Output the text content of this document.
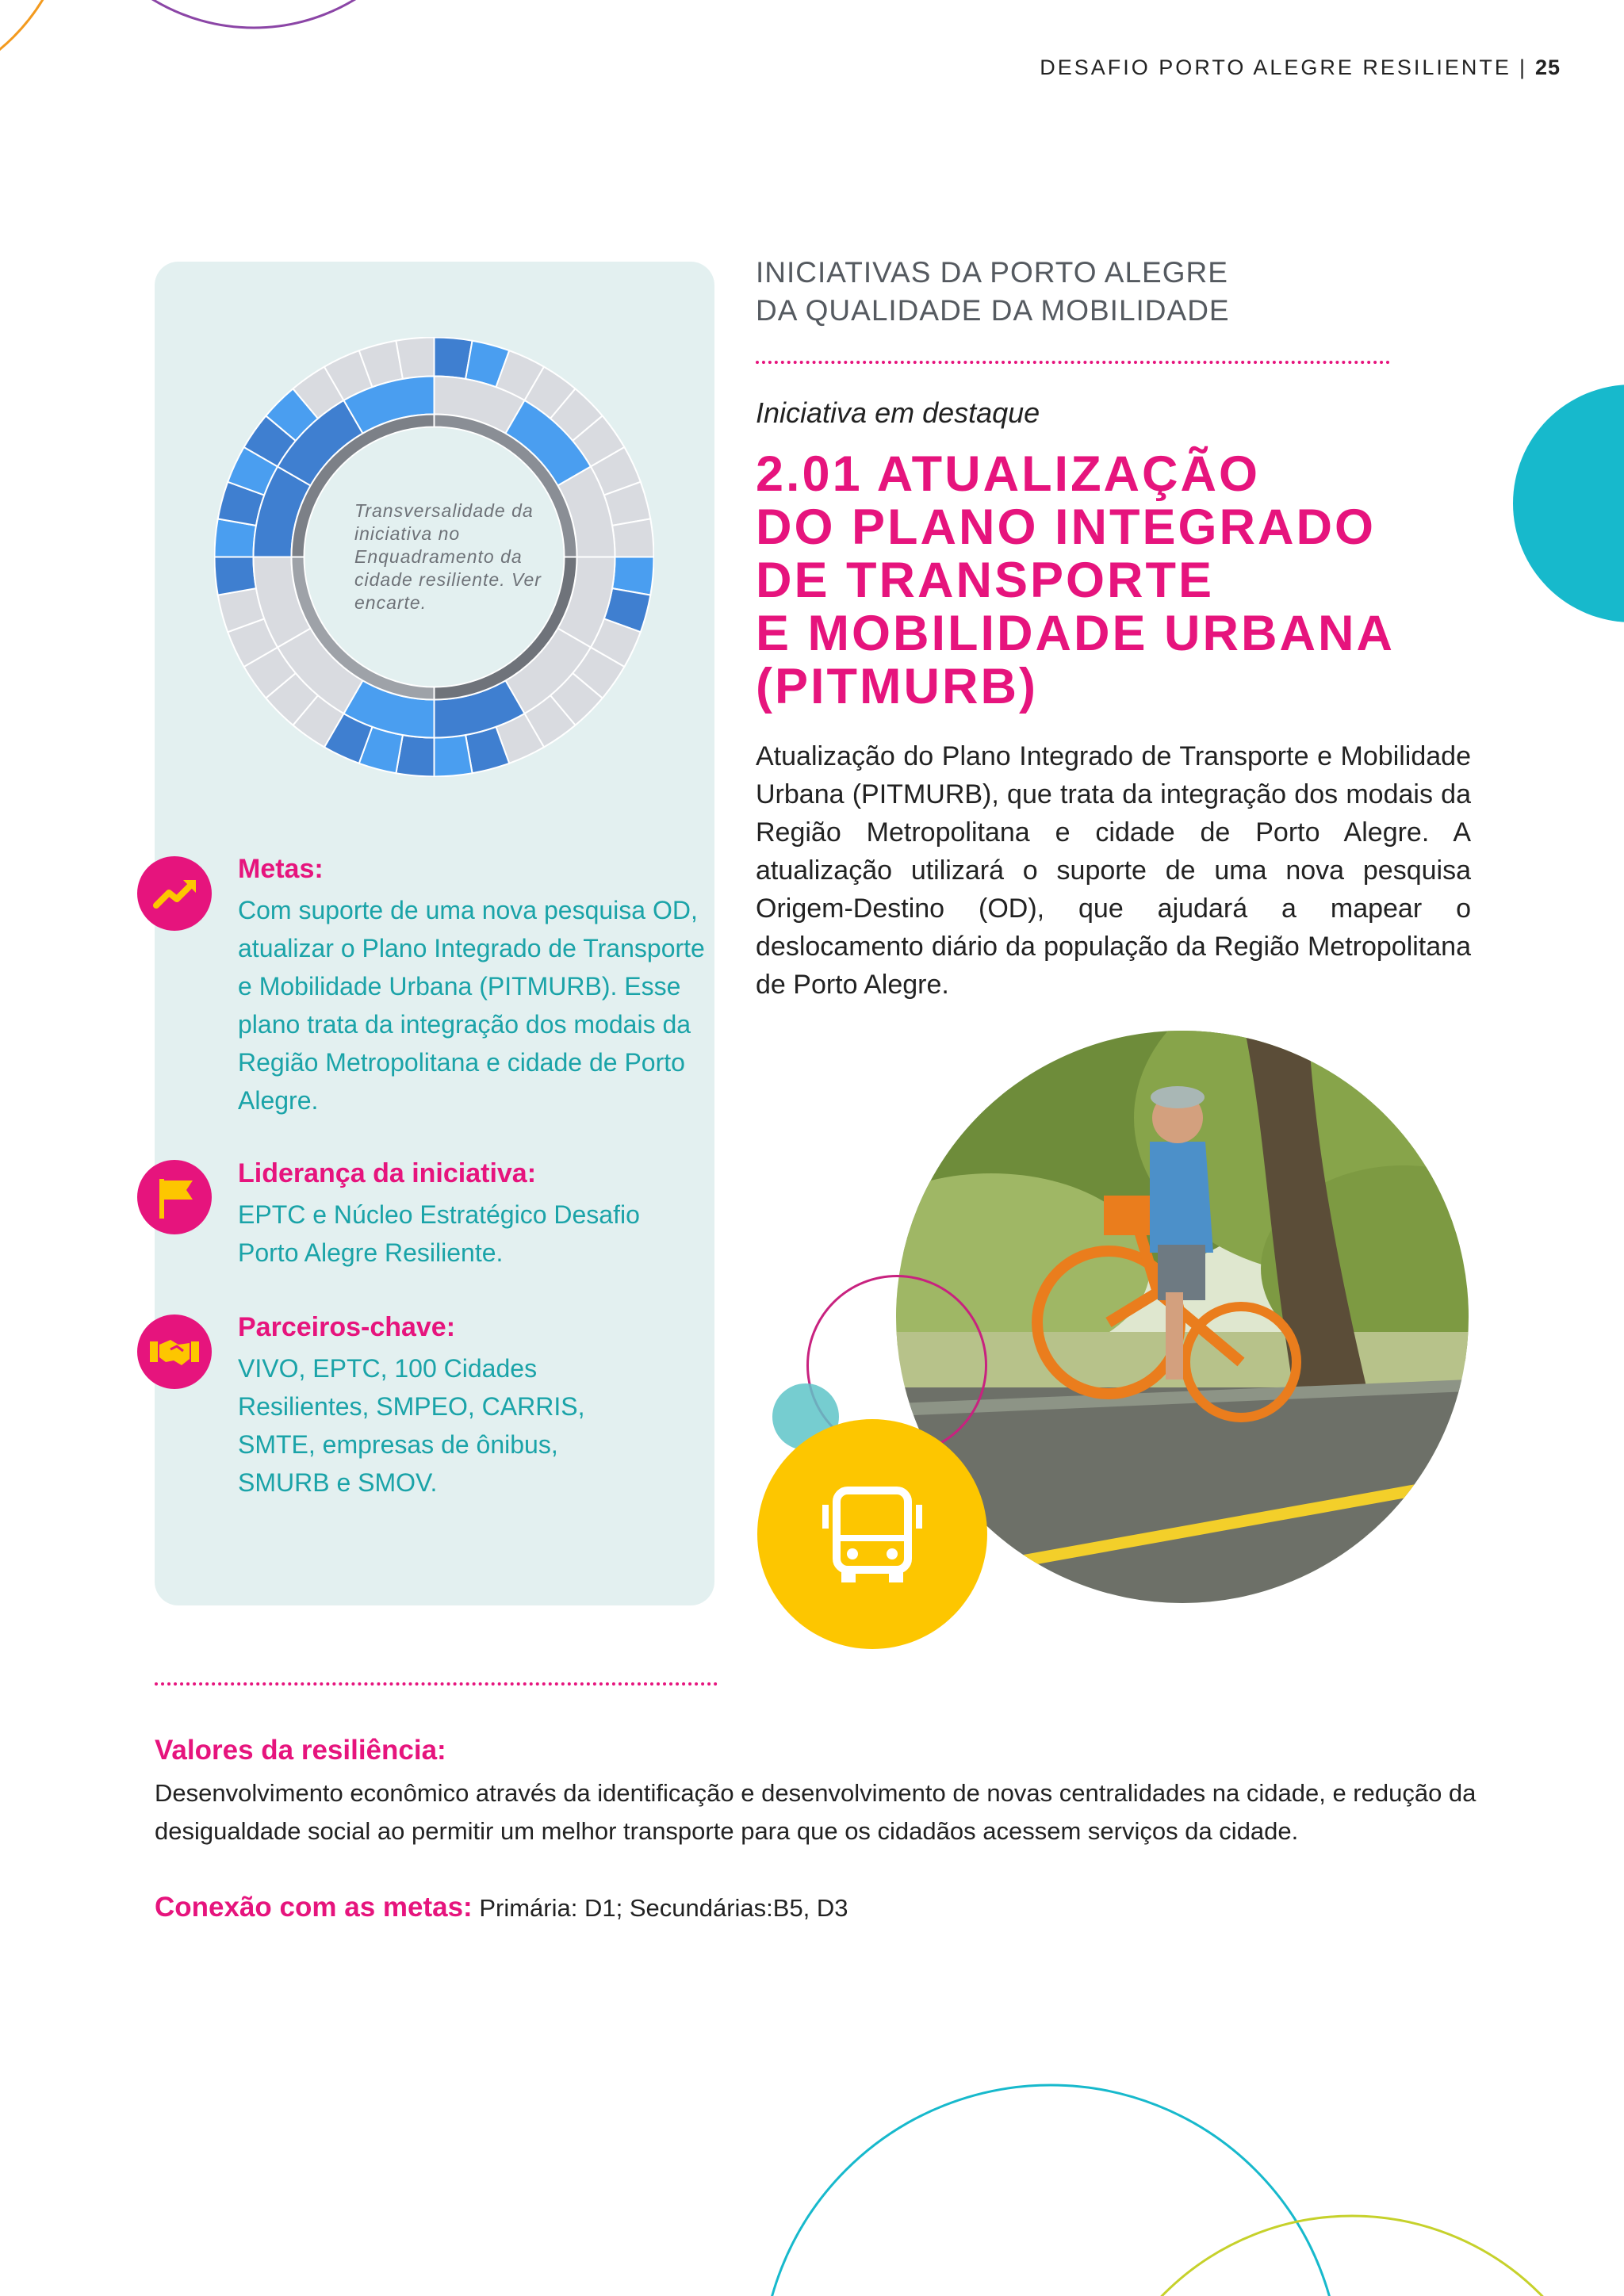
DESAFIO PORTO ALEGRE RESILIENTE | 25
Transversalidade da iniciativa no Enquadramento da cidade resiliente. Ver encarte.
Metas:
Com suporte de uma nova pesquisa OD, atualizar o Plano Integrado de Transporte e Mobilidade Urbana (PITMURB). Esse plano trata da integração dos modais da Região Metropolitana e cidade de Porto Alegre.
Liderança da iniciativa:
EPTC e Núcleo Estratégico Desafio Porto Alegre Resiliente.
Parceiros-chave:
VIVO, EPTC, 100 Cidades Resilientes, SMPEO, CARRIS, SMTE, empresas de ônibus, SMURB e SMOV.
INICIATIVAS DA PORTO ALEGRE
DA QUALIDADE DA MOBILIDADE
Iniciativa em destaque
2.01 ATUALIZAÇÃO
DO PLANO INTEGRADO
DE TRANSPORTE
E MOBILIDADE URBANA
(PITMURB)
Atualização do Plano Integrado de Transporte e Mobilidade Urbana (PITMURB), que trata da integração dos modais da Região Metropolitana e cidade de Porto Alegre. A atualização utilizará o suporte de uma nova pesquisa Origem-Destino (OD), que ajudará a mapear o deslocamento diário da população da Região Metropolitana de Porto Alegre.
Valores da resiliência:
Desenvolvimento econômico através da identificação e desenvolvimento de novas centralidades na cidade, e redução da desigualdade social ao permitir um melhor transporte para que os cidadãos acessem serviços da cidade.
Conexão com as metas: Primária: D1; Secundárias:B5, D3
